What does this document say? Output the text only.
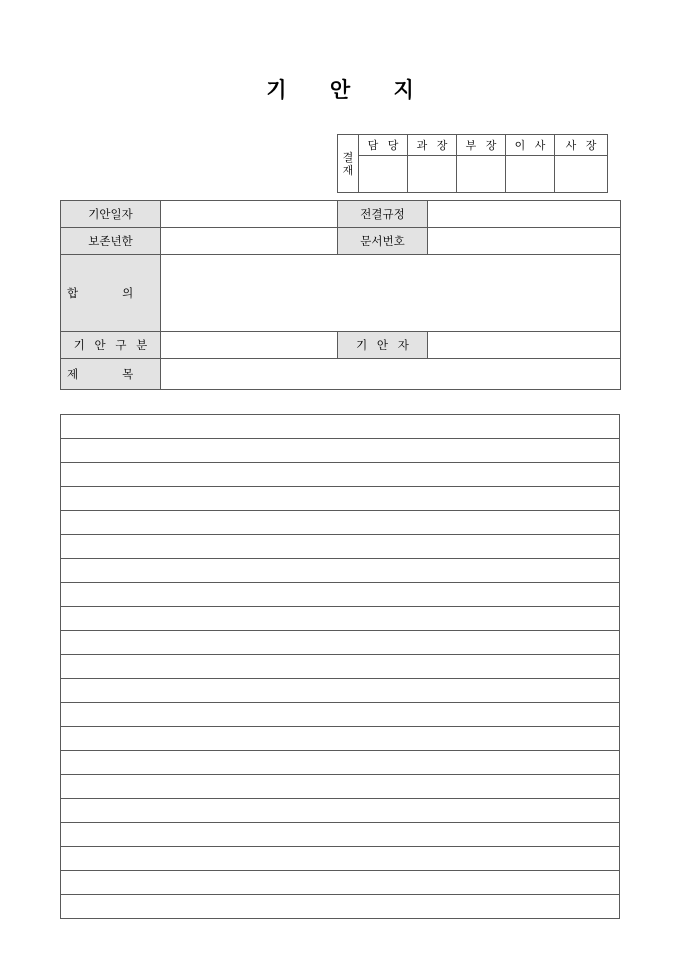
기 안 지
결
재	담 당	과 장	부 장	이 사	사 장

기안일자		전결규정	
보존년한		문서번호	
합 의			
기 안 구 분		기 안 자	
제 목			
